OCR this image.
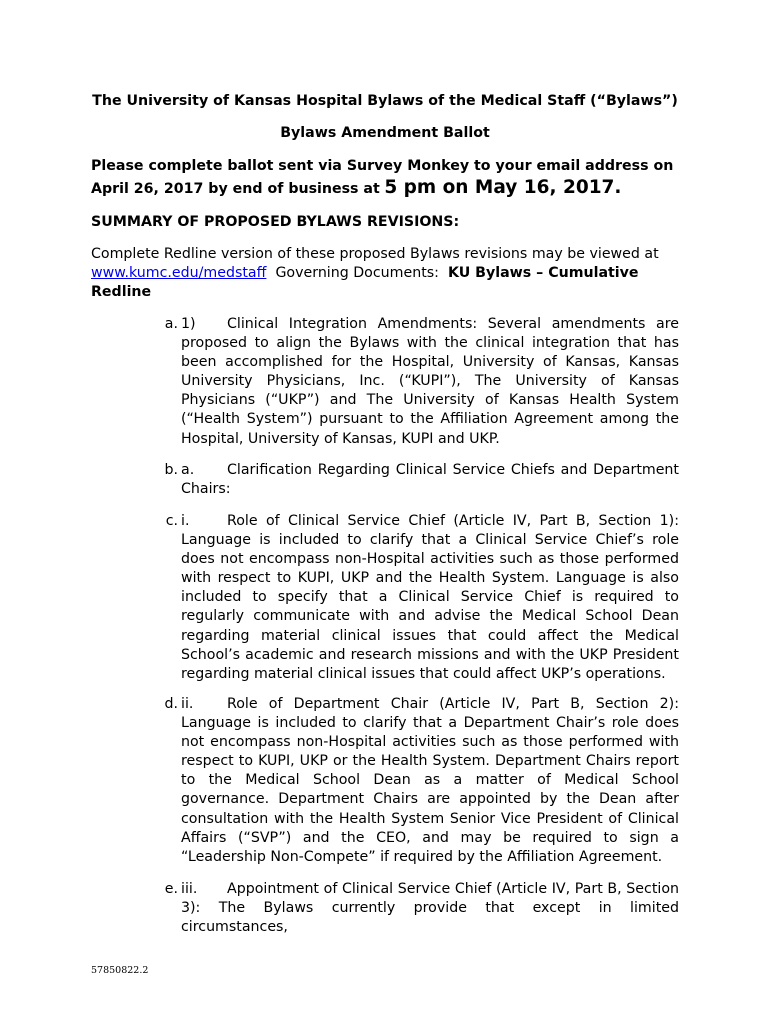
The University of Kansas Hospital Bylaws of the Medical Staff (“Bylaws”)
Bylaws Amendment Ballot
Please complete ballot sent via Survey Monkey to your email address on
April 26, 2017 by end of business at 5 pm on May 16, 2017.
SUMMARY OF PROPOSED BYLAWS REVISIONS:
Complete Redline version of these proposed Bylaws revisions may be viewed at www.kumc.edu/medstaff Governing Documents: KU Bylaws – Cumulative Redline
a. 1) Clinical Integration Amendments: Several amendments are proposed to align the Bylaws with the clinical integration that has been accomplished for the Hospital, University of Kansas, Kansas University Physicians, Inc. (“KUPI”), The University of Kansas Physicians (“UKP”) and The University of Kansas Health System (“Health System”) pursuant to the Affiliation Agreement among the Hospital, University of Kansas, KUPI and UKP.
b. a. Clarification Regarding Clinical Service Chiefs and Department Chairs:
c. i.	Role of Clinical Service Chief (Article IV, Part B, Section 1): Language is included to clarify that a Clinical Service Chief’s role does not encompass non-Hospital activities such as those performed with respect to KUPI, UKP and the Health System. Language is also included to specify that a Clinical Service Chief is required to regularly communicate with and advise the Medical School Dean regarding material clinical issues that could affect the Medical School’s academic and research missions and with the UKP President regarding material clinical issues that could affect UKP’s operations.
d. ii. Role of Department Chair (Article IV, Part B, Section 2): Language is included to clarify that a Department Chair’s role does not encompass non-Hospital activities such as those performed with respect to KUPI, UKP or the Health System. Department Chairs report to the Medical School Dean as a matter of Medical School governance. Department Chairs are appointed by the Dean after consultation with the Health System Senior Vice President of Clinical Affairs (“SVP”) and the CEO, and may be required to sign a “Leadership Non-Compete” if required by the Affiliation Agreement.
e. iii. Appointment of Clinical Service Chief (Article IV, Part B, Section 3): The Bylaws currently provide that except in limited circumstances,
57850822.2
